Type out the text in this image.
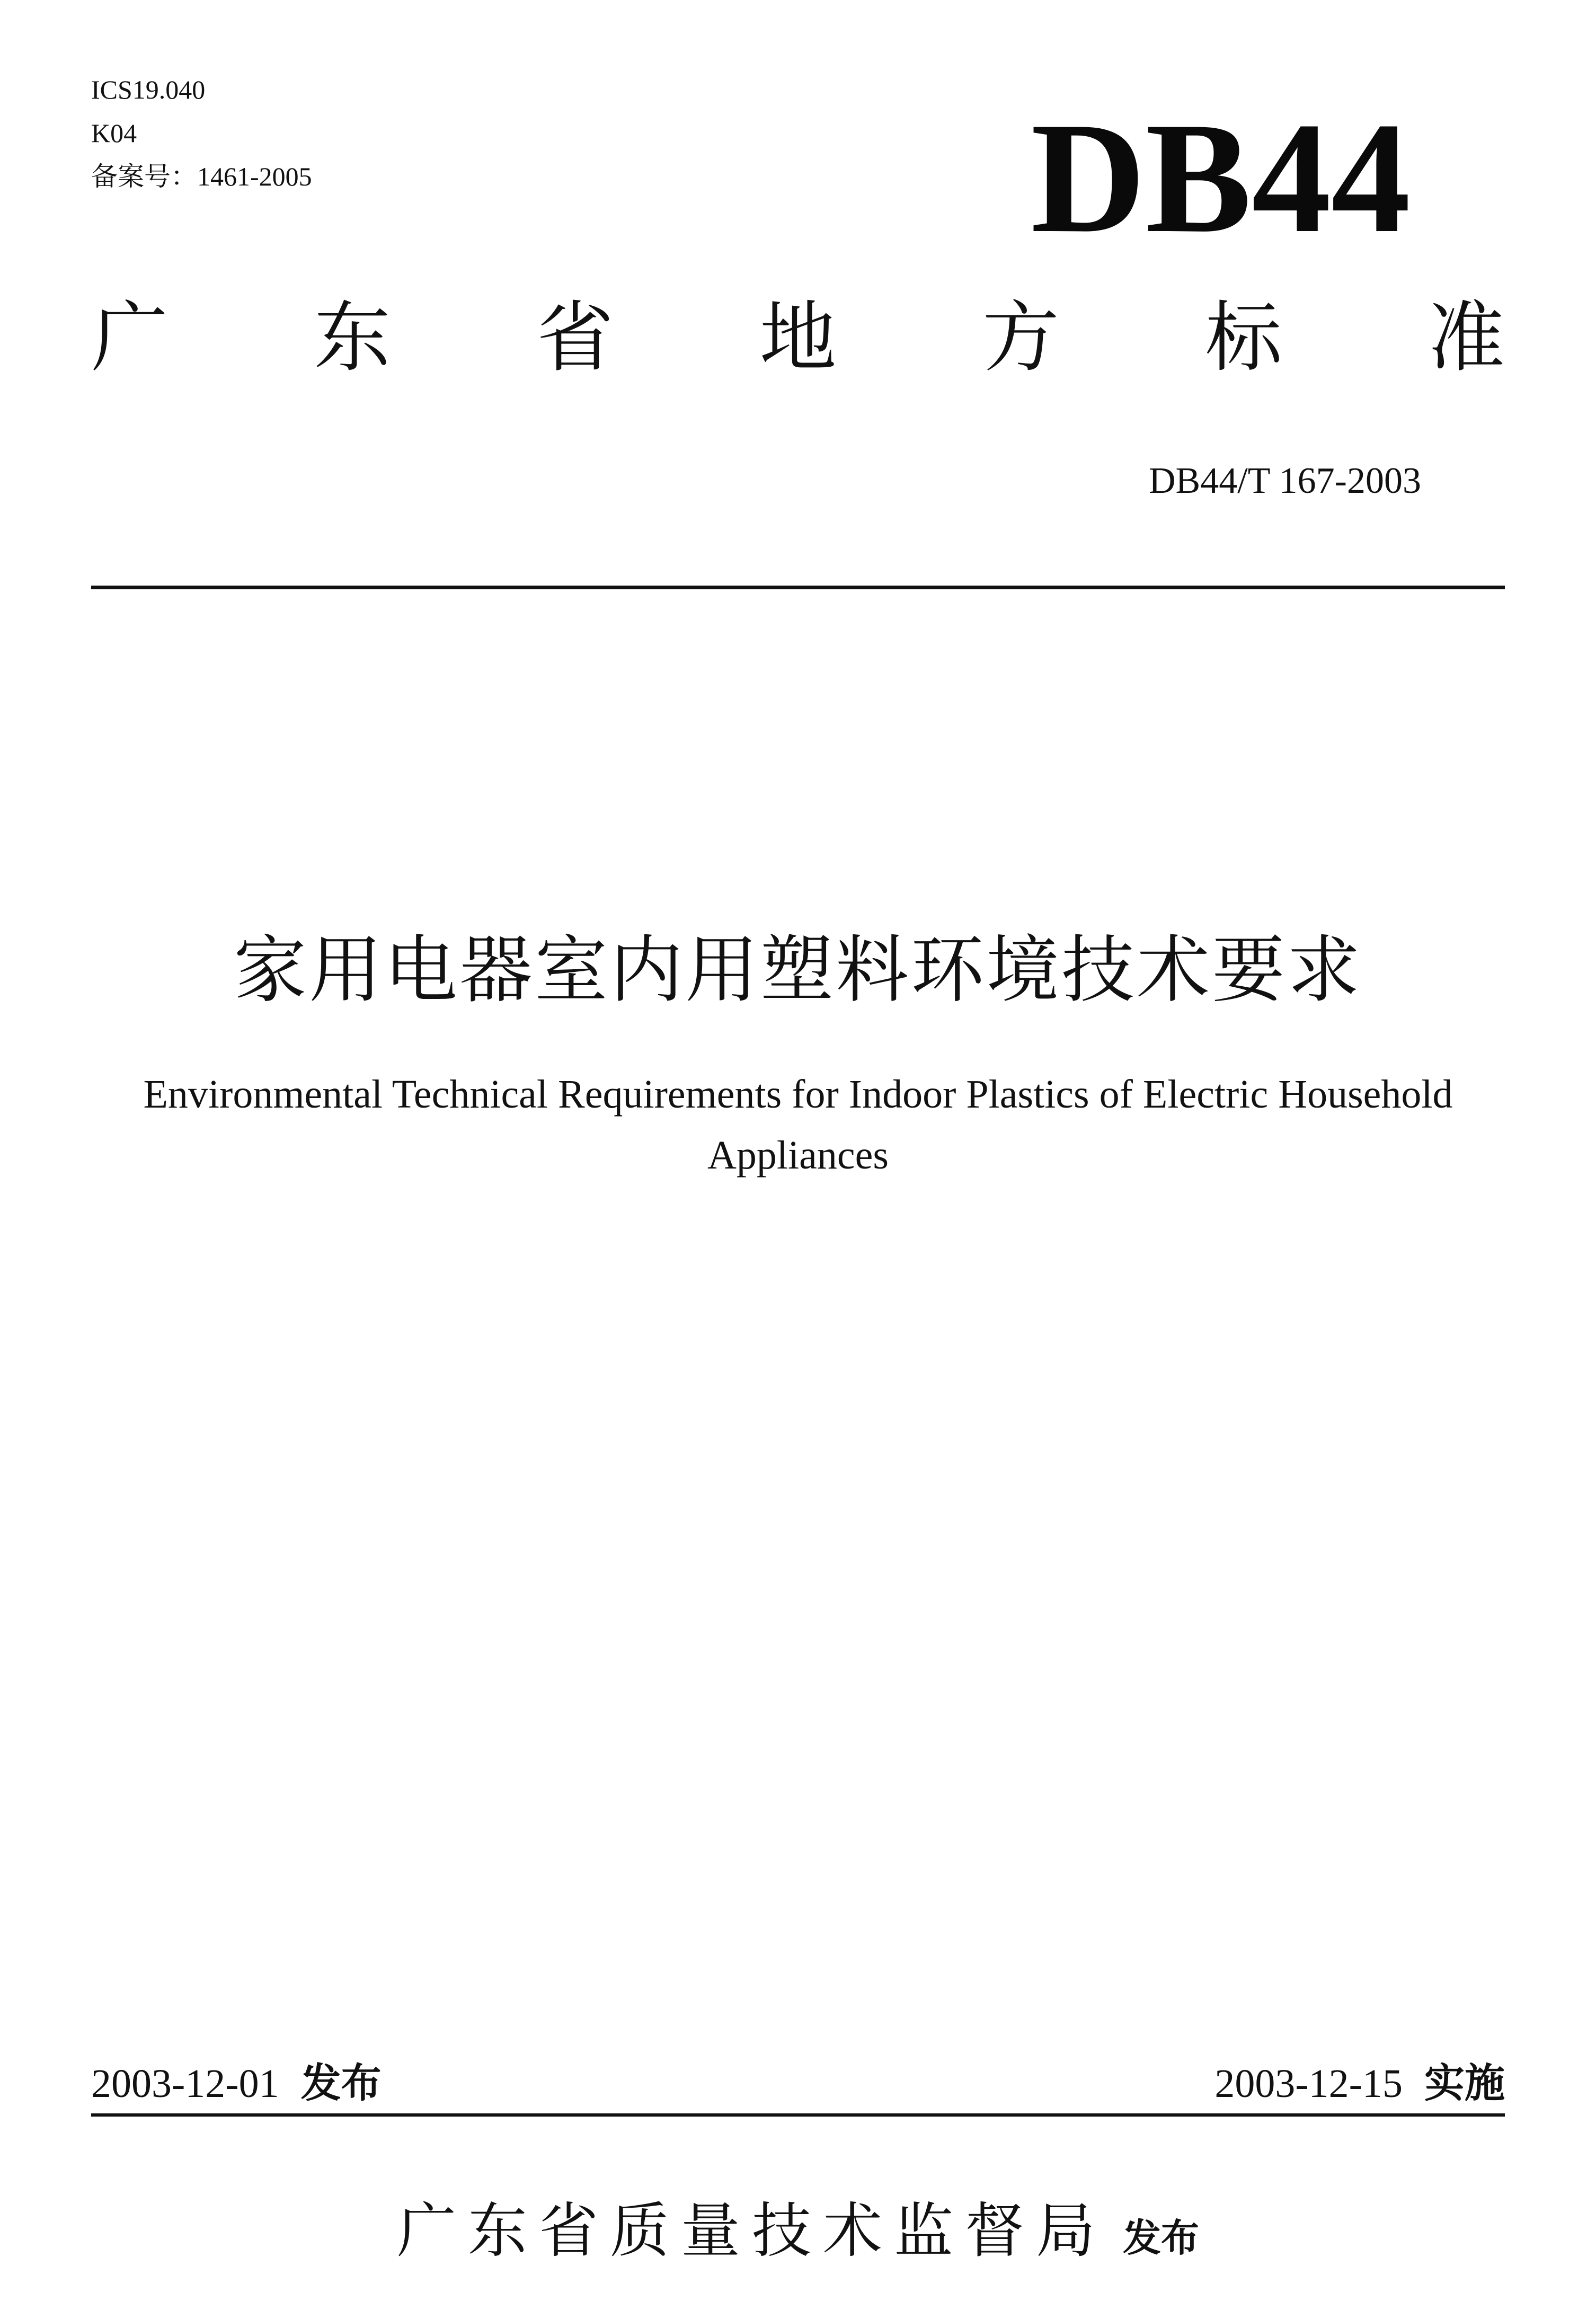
ICS19.040
K04
备案号：1461-2005	DB44
广 东 省 地 方 标 准
DB44/T 167-2003
家用电器室内用塑料环境技术要求
Environmental Technical Requirements for Indoor Plastics of Electric Household Appliances
2003-12-01 发布	2003-12-15 实施
广东省质量技术监督局 发布
